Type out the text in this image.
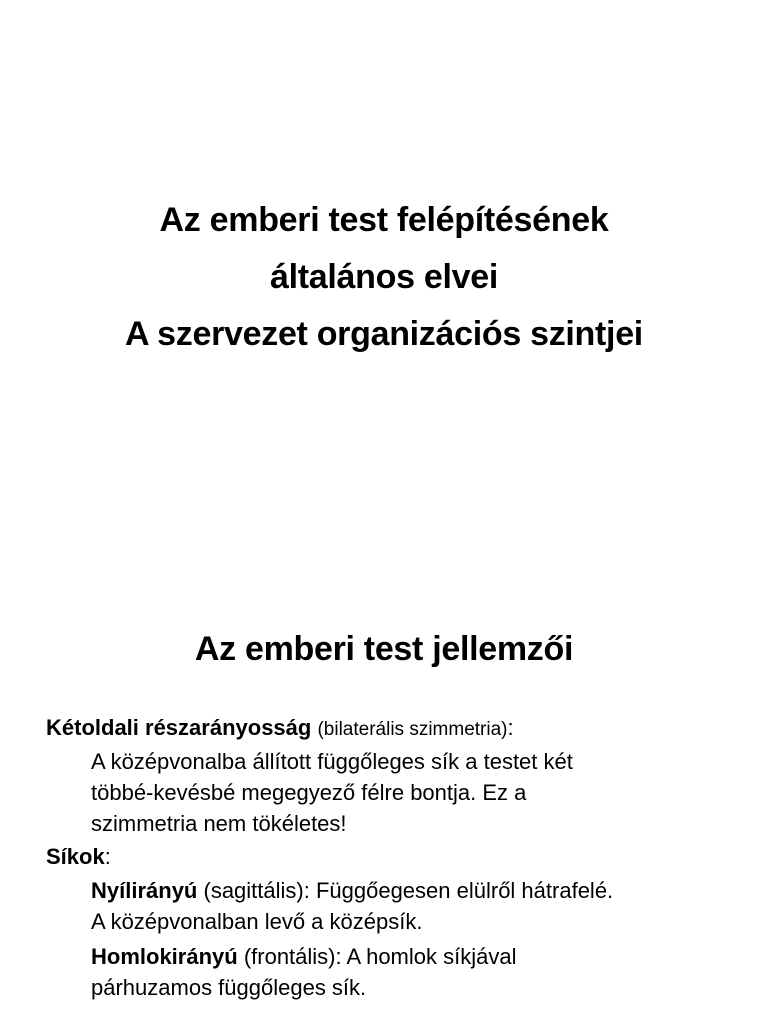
Az emberi test felépítésének
általános elvei
A szervezet organizációs szintjei
Az emberi test jellemzői

Kétoldali részarányosság (bilaterális szimmetria):

A középvonalba állított függőleges sík a testet két
többé-kevésbé megegyező félre bontja. Ez a
szimmetria nem tökéletes!

Síkok:

Nyílirányú (sagittális): Függőegesen elülről hátrafelé.
A középvonalban levő a középsík.

Homlokirányú (frontális): A homlok síkjával
párhuzamos függőleges sík.
